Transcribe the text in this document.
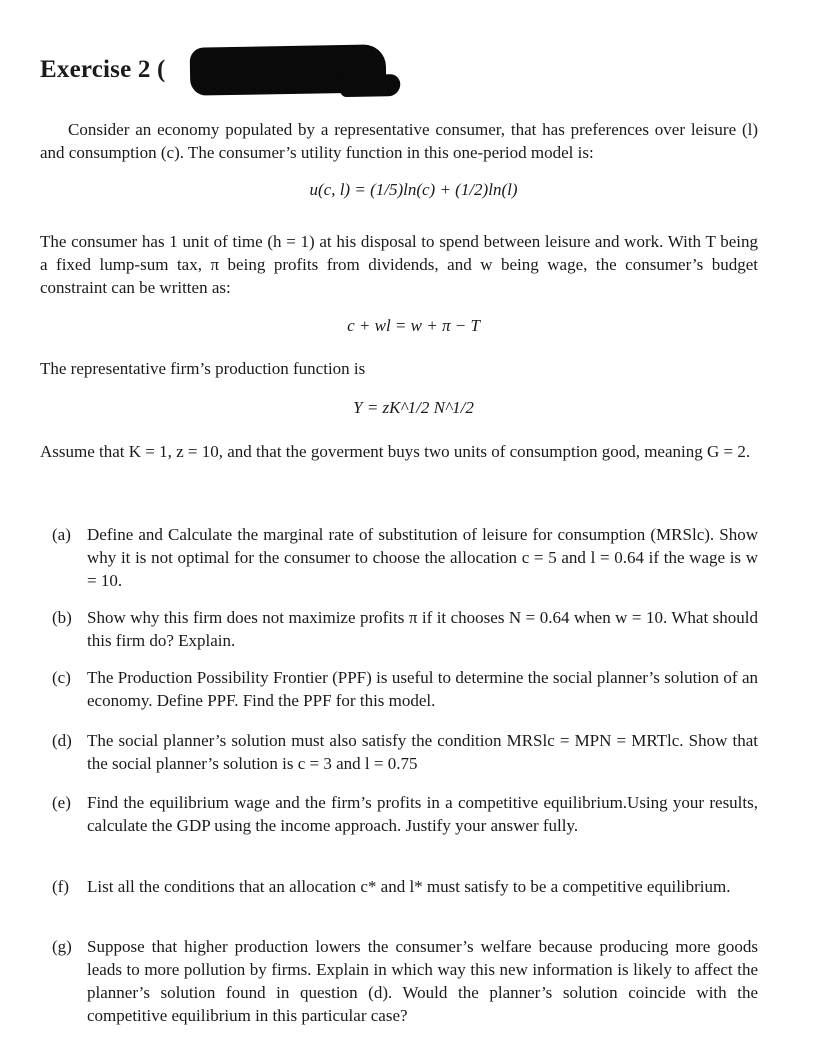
Exercise 2 (
Consider an economy populated by a representative consumer, that has preferences over leisure (l) and consumption (c). The consumer’s utility function in this one-period model is:
u(c, l) = (1/5)ln(c) + (1/2)ln(l)
The consumer has 1 unit of time (h = 1) at his disposal to spend between leisure and work. With T being a fixed lump-sum tax, π being profits from dividends, and w being wage, the consumer’s budget constraint can be written as:
c + wl = w + π − T
The representative firm’s production function is
Y = zK^1/2 N^1/2
Assume that K = 1, z = 10, and that the goverment buys two units of consumption good, meaning G = 2.
(a) Define and Calculate the marginal rate of substitution of leisure for consumption (MRSlc). Show why it is not optimal for the consumer to choose the allocation c = 5 and l = 0.64 if the wage is w = 10.
(b) Show why this firm does not maximize profits π if it chooses N = 0.64 when w = 10. What should this firm do? Explain.
(c) The Production Possibility Frontier (PPF) is useful to determine the social planner’s solution of an economy. Define PPF. Find the PPF for this model.
(d) The social planner’s solution must also satisfy the condition MRSlc = MPN = MRTlc. Show that the social planner’s solution is c = 3 and l = 0.75
(e) Find the equilibrium wage and the firm’s profits in a competitive equilibrium.Using your results, calculate the GDP using the income approach. Justify your answer fully.
(f) List all the conditions that an allocation c* and l* must satisfy to be a competitive equilibrium.
(g) Suppose that higher production lowers the consumer’s welfare because producing more goods leads to more pollution by firms. Explain in which way this new information is likely to affect the planner’s solution found in question (d). Would the planner’s solution coincide with the competitive equilibrium in this particular case?
